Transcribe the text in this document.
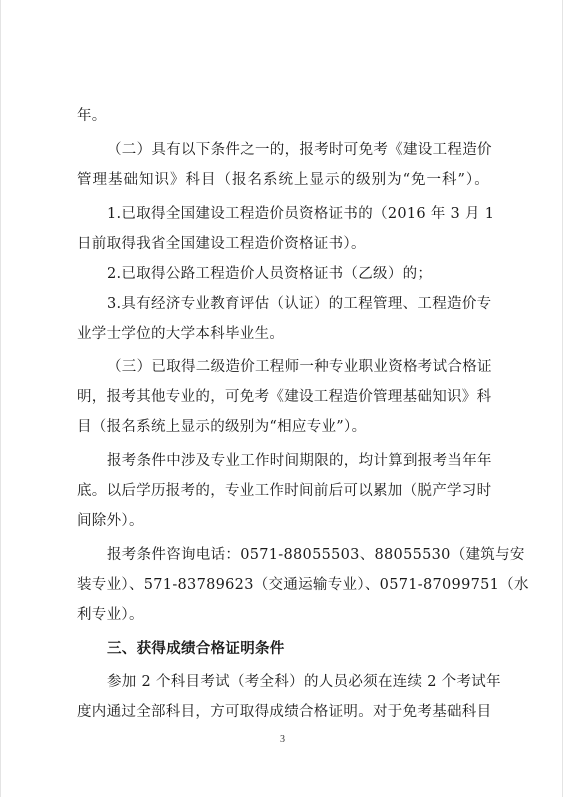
年。

（二）具有以下条件之一的，报考时可免考《建设工程造价

管理基础知识》科目（报名系统上显示的级别为“免一科”）。

1.已取得全国建设工程造价员资格证书的（2016 年 3 月 1

日前取得我省全国建设工程造价资格证书）。

2.已取得公路工程造价人员资格证书（乙级）的；

3.具有经济专业教育评估（认证）的工程管理、工程造价专

业学士学位的大学本科毕业生。

（三）已取得二级造价工程师一种专业职业资格考试合格证

明，报考其他专业的，可免考《建设工程造价管理基础知识》科

目（报名系统上显示的级别为“相应专业”）。

报考条件中涉及专业工作时间期限的，均计算到报考当年年

底。以后学历报考的，专业工作时间前后可以累加（脱产学习时

间除外）。

报考条件咨询电话：0571-88055503、88055530（建筑与安

装专业）、571-83789623（交通运输专业）、0571-87099751（水

利专业）。

三、获得成绩合格证明条件

参加 2 个科目考试（考全科）的人员必须在连续 2 个考试年

度内通过全部科目，方可取得成绩合格证明。对于免考基础科目

3
